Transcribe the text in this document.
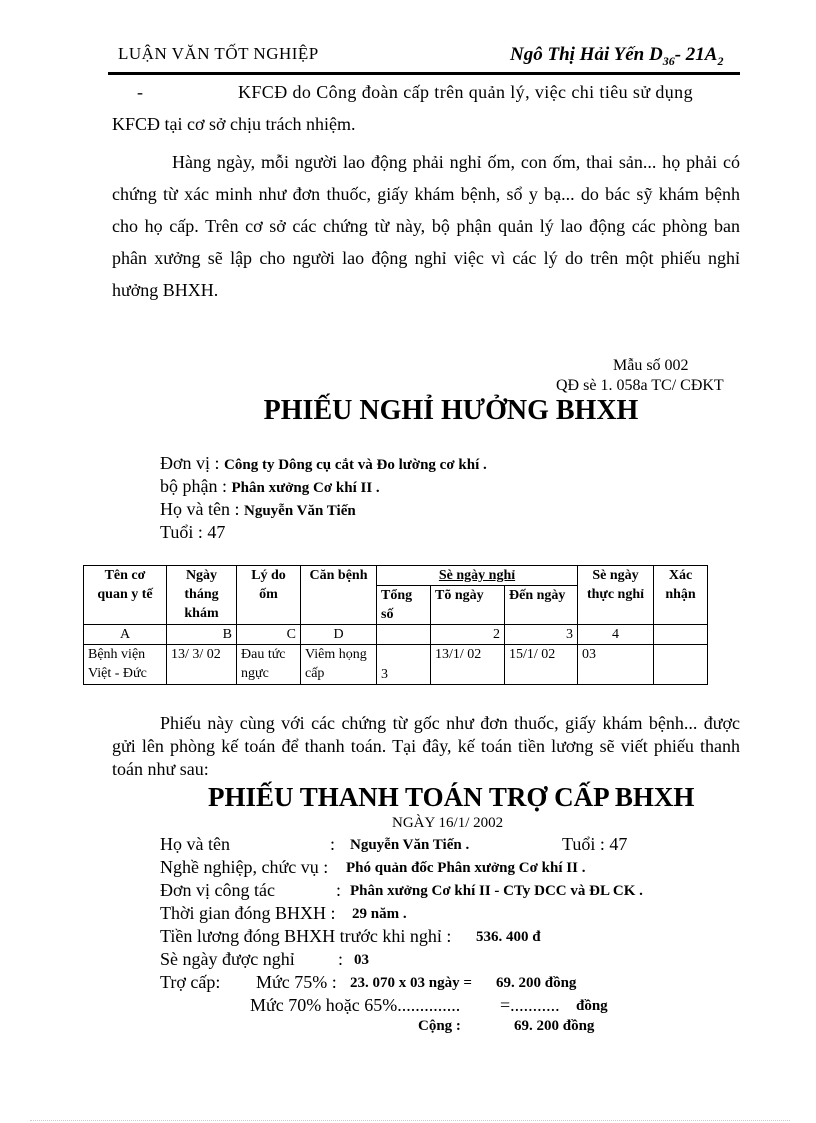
LUẬN VĂN TỐT NGHIỆP	Ngô Thị Hải Yến $D_{36}-$ $21A_2$
-	KFCĐ do Công đoàn cấp trên quản lý, việc chi tiêu sử dụng
KFCĐ tại cơ sở chịu trách nhiệm.
Hàng ngày, mỗi người lao động phải nghỉ ốm, con ốm, thai sản... họ phải có chứng từ xác minh như đơn thuốc, giấy khám bệnh, sổ y bạ... do bác sỹ khám bệnh cho họ cấp. Trên cơ sở các chứng từ này, bộ phận quản lý lao động các phòng ban phân xưởng sẽ lập cho người lao động nghỉ việc vì các lý do trên một phiếu nghỉ hưởng BHXH.
Mẫu số 002
QĐ sè 1. 058a TC/ CĐKT
PHIẾU NGHỈ HƯỞNG BHXH
Đơn vị : Công ty Dông cụ cắt và Đo lường cơ khí .
bộ phận : Phân xưởng Cơ khí II .
Họ và tên : Nguyễn Văn Tiến
Tuổi : 47
Tên cơ quan y tế	Ngày tháng khám	Lý do ốm	Căn bệnh	Sè ngày nghỉ			Sè ngày thực nghỉ	Xác nhận
				Tổng số	Tõ ngày	Đến ngày		
A	B	C	D		2	3	4	
Bệnh viện Việt - Đức	13/ 3/ 02	Đau tức ngực	Viêm họng cấp	3	13/1/ 02	15/1/ 02	03	
Phiếu này cùng với các chứng từ gốc như đơn thuốc, giấy khám bệnh... được gửi lên phòng kế toán để thanh toán. Tại đây, kế toán tiền lương sẽ viết phiếu thanh toán như sau:
PHIẾU THANH TOÁN TRỢ CẤP BHXH
NGÀY 16/1/ 2002
Họ và tên	: Nguyễn Văn Tiến .	Tuổi : 47
Nghề nghiệp, chức vụ : Phó quản đốc Phân xưởng Cơ khí II .
Đơn vị công tác	: Phân xưởng Cơ khí II - CTy DCC và ĐL CK .
Thời gian đóng BHXH : 29 năm .
Tiền lương đóng BHXH trước khi nghỉ : 536. 400 đ
Sè ngày được nghỉ : 03
Trợ cấp: Mức 75% : 23. 070 x 03 ngày = 69. 200 đồng
Mức 70% hoặc 65%.............. =........... đồng
Cộng :	69. 200 đồng
